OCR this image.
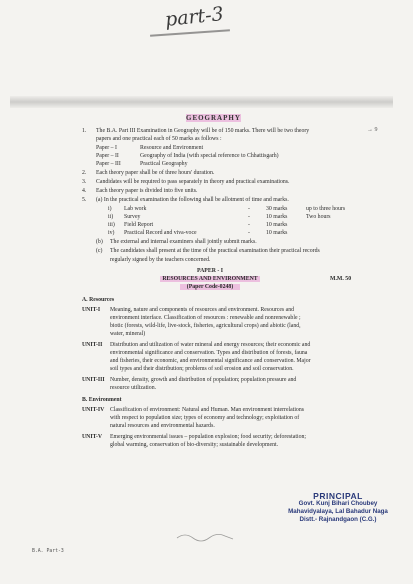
part-3
GEOGRAPHY
→ 9
1. The B.A. Part III Examination in Geography will be of 150 marks. There will be two theory
papers and one practical each of 50 marks as follows :
Paper – I	Resource and Environment
Paper – II	Geography of India (with special reference to Chhattisgarh)
Paper – III	Practical Geography
2. Each theory paper shall be of three hours' duration.
3. Candidates will be required to pass separately in theory and practical examinations.
4. Each theory paper is divided into five units.
5. (a) In the practical examination the following shall be allotment of time and marks.
i) Lab work	-	30 marks	up to three hours
ii) Survey	-	10 marks	Two hours
iii) Field Report	-	10 marks
iv) Practical Record and viva-voce	-	10 marks
(b) The external and internal examiners shall jointly submit marks.
(c) The candidates shall present at the time of the practical examination their practical records
regularly signed by the teachers concerned.
PAPER - I
RESOURCES AND ENVIRONMENT
(Paper Code-0248)
M.M. 50
A. Resources
UNIT-I Meaning, nature and components of resources and environment. Resources and
environment interface. Classification of resources : renewable and nonrenewable ;
biotic (forests, wild-life, live-stock, fisheries, agricultural crops) and abiotic (land,
water, mineral)
UNIT-II Distribution and utilization of water mineral and energy resources; their economic and
environmental significance and conservation. Types and distribution of forests, fauna
and fisheries, their economic, and environmental significance and conservation. Major
soil types and their distribution; problems of soil erosion and soil conservation.
UNIT-III Number, density, growth and distribution of population; population pressure and
resource utilization.
B. Environment
UNIT-IV Classification of environment: Natural and Human. Man environment interrelations
with respect to population size; types of economy and technology; exploitation of
natural resources and environmental hazards.
UNIT-V Emerging environmental issues – population explosion; food security; deforestation;
global warming, conservation of bio-diversity; sustainable development.
PRINCIPAL
Govt. Kunj Bihari Choubey
Mahavidyalaya, Lal Bahadur Naga
Distt.- Rajnandgaon (C.G.)
B.A. Part-3
